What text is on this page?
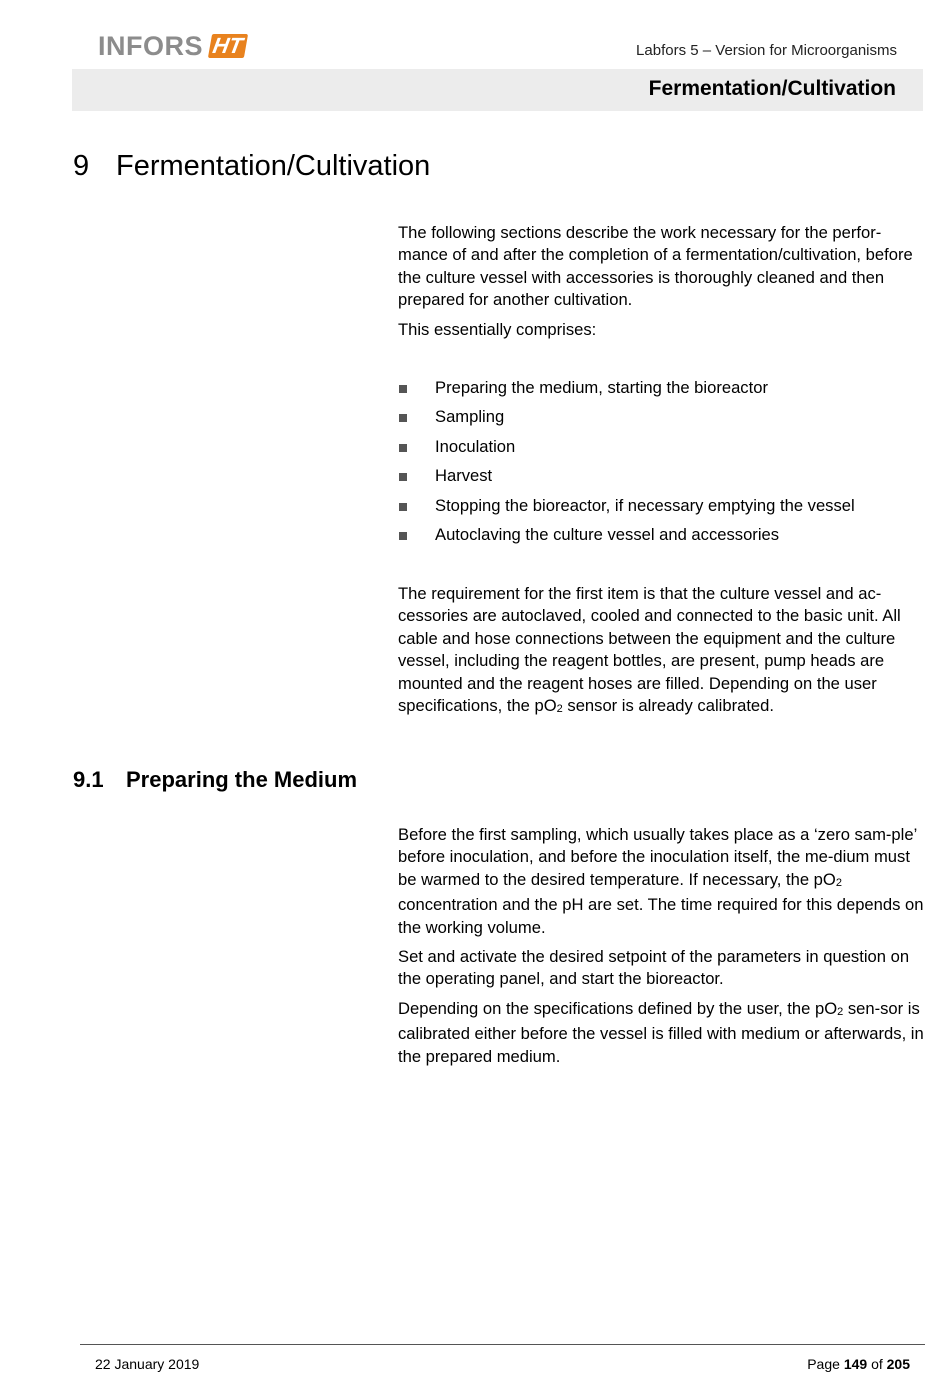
INFORS HT	Labfors 5 – Version for Microorganisms
Fermentation/Cultivation
9 Fermentation/Cultivation

The following sections describe the work necessary for the perfor-mance of and after the completion of a fermentation/cultivation, before the culture vessel with accessories is thoroughly cleaned and then prepared for another cultivation.

This essentially comprises:

Preparing the medium, starting the bioreactor
Sampling
Inoculation
Harvest
Stopping the bioreactor, if necessary emptying the vessel
Autoclaving the culture vessel and accessories

The requirement for the first item is that the culture vessel and ac-cessories are autoclaved, cooled and connected to the basic unit. All cable and hose connections between the equipment and the culture vessel, including the reagent bottles, are present, pump heads are mounted and the reagent hoses are filled. Depending on the user specifications, the $pO_2$ sensor is already calibrated.

9.1 Preparing the Medium

Before the first sampling, which usually takes place as a ‘zero sam-ple’ before inoculation, and before the inoculation itself, the me-dium must be warmed to the desired temperature. If necessary, the $pO_2$ concentration and the pH are set. The time required for this depends on the working volume.

Set and activate the desired setpoint of the parameters in question on the operating panel, and start the bioreactor.

Depending on the specifications defined by the user, the $pO_2$ sen-sor is calibrated either before the vessel is filled with medium or afterwards, in the prepared medium.

22 January 2019	Page 149 of 205
